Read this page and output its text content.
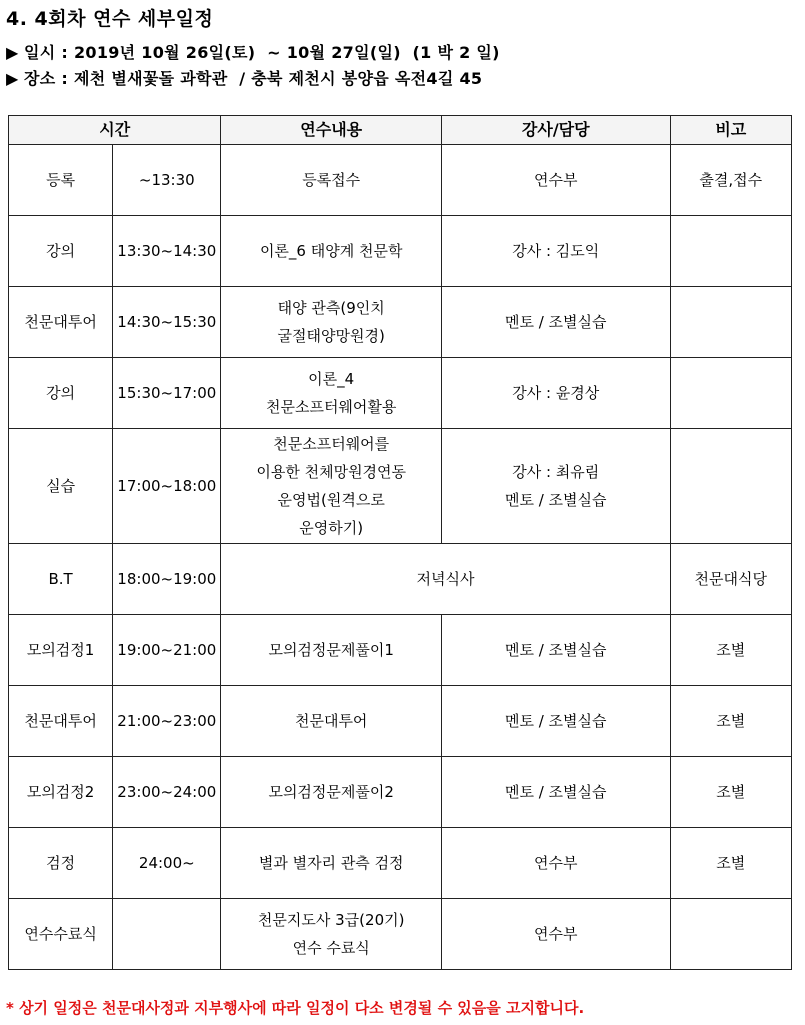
4. 4회차 연수 세부일정
▶ 일시 : 2019년 10월 26일(토)  ~ 10월 27일(일)  (1 박 2 일)
▶ 장소 : 제천 별새꽃돌 과학관  / 충북 제천시 봉양읍 옥전4길 45
시간		연수내용	강사/담당	비고
등록	~13:30	등록접수	연수부	출결,접수
강의	13:30~14:30	이론_6 태양계 천문학	강사 : 김도익	

천문대투어	14:30~15:30	태양 관측(9인치
굴절태양망원경)	멘토 / 조별실습	

강의	15:30~17:00	이론_4
천문소프터웨어활용	강사 : 윤경상	

실습	17:00~18:00	천문소프터웨어를
이용한 천체망원경연동
운영법(원격으로
운영하기)	강사 : 최유림
멘토 / 조별실습	

B.T	18:00~19:00	저녁식사		천문대식당
모의검정1	19:00~21:00	모의검정문제풀이1	멘토 / 조별실습	조별
천문대투어	21:00~23:00	천문대투어	멘토 / 조별실습	조별
모의검정2	23:00~24:00	모의검정문제풀이2	멘토 / 조별실습	조별
검정	24:00~	별과 별자리 관측 검정	연수부	조별
연수수료식		천문지도사 3급(20기)
연수 수료식	연수부	

* 상기 일정은 천문대사정과 지부행사에 따라 일정이 다소 변경될 수 있음을 고지합니다.
